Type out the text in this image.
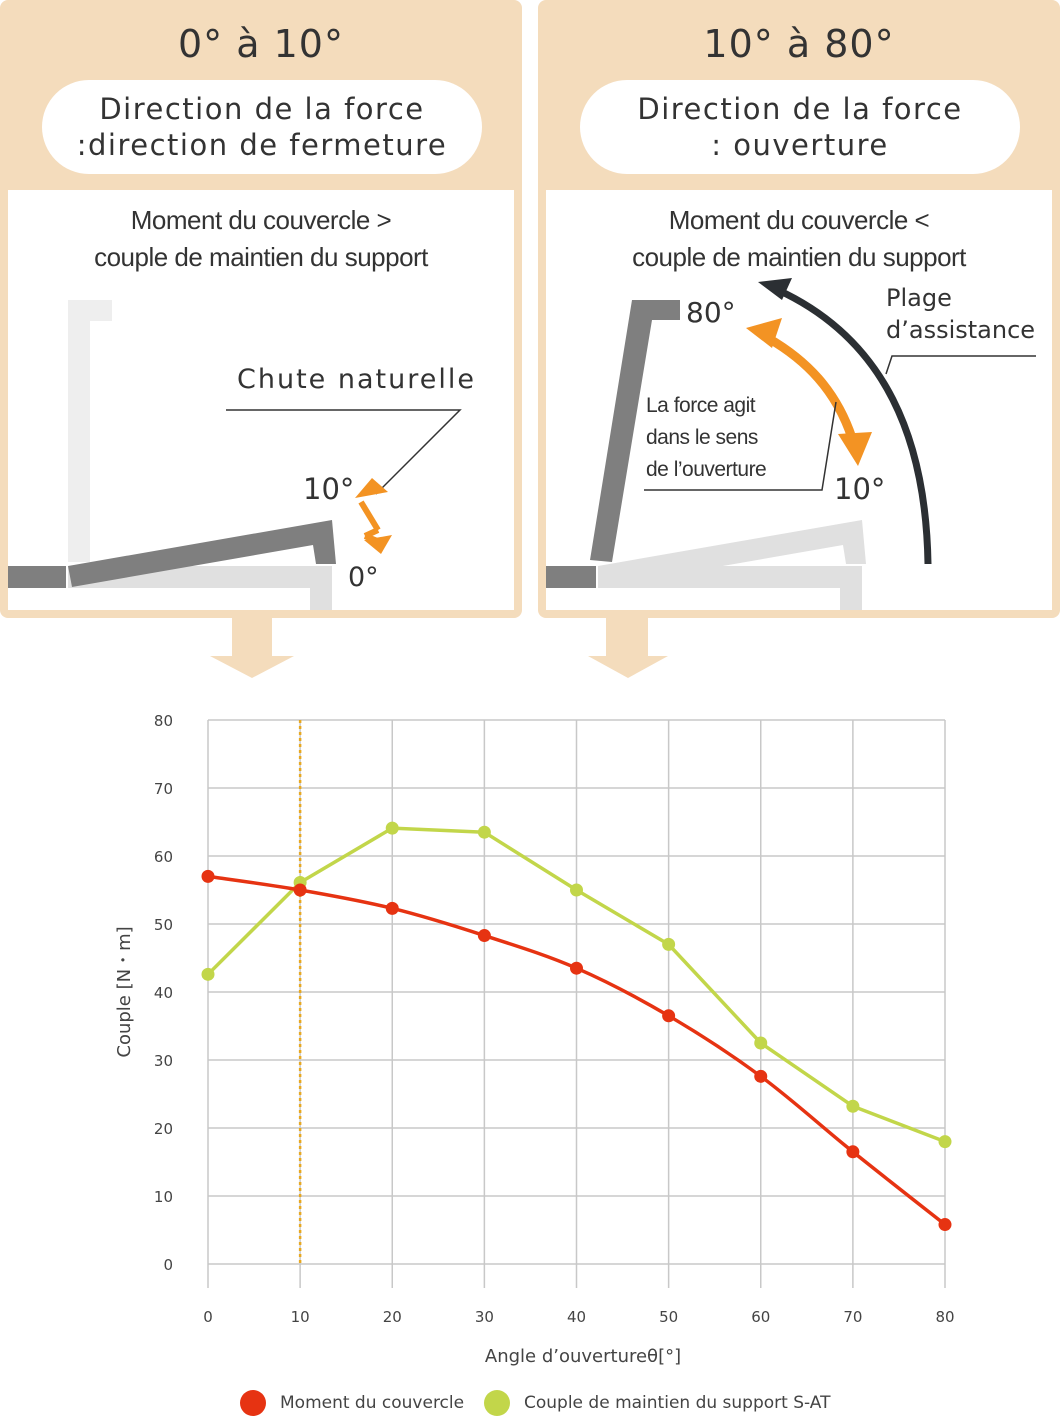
0° à 10°
Direction de la force
:direction de fermeture
Moment du couvercle >
couple de maintien du support
Chute naturelle
10°
0°
10° à 80°
Direction de la force
: ouverture
Moment du couvercle <
couple de maintien du support
80°
10°
Plage
d’assistance
La force agit
dans le sens
de l’ouverture
0
10
20
30
40
50
60
70
80
0	10	20	30	40	50	60	70	80
Angle d’ouvertureθ[°]
Couple [N・m]
Moment du couvercle	Couple de maintien du support S-AT
